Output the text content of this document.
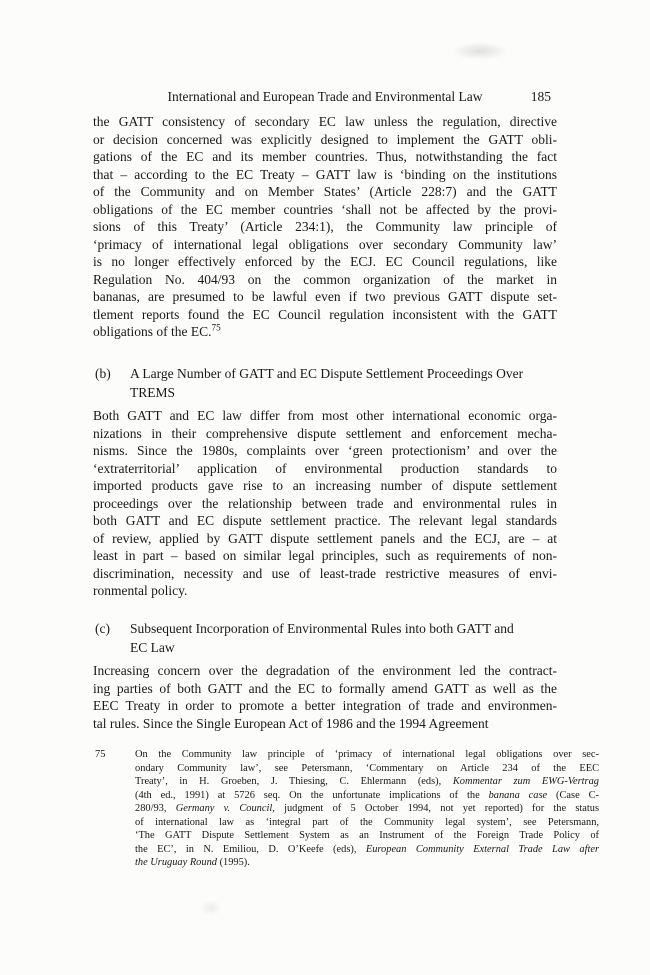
International and European Trade and Environmental Law	185
the GATT consistency of secondary EC law unless the regulation, directive
or decision concerned was explicitly designed to implement the GATT obli-
gations of the EC and its member countries. Thus, notwithstanding the fact
that – according to the EC Treaty – GATT law is ‘binding on the institutions
of the Community and on Member States’ (Article 228:7) and the GATT
obligations of the EC member countries ‘shall not be affected by the provi-
sions of this Treaty’ (Article 234:1), the Community law principle of
‘primacy of international legal obligations over secondary Community law’
is no longer effectively enforced by the ECJ. EC Council regulations, like
Regulation No. 404/93 on the common organization of the market in
bananas, are presumed to be lawful even if two previous GATT dispute set-
tlement reports found the EC Council regulation inconsistent with the GATT
obligations of the EC.$^{75}$
(b) A Large Number of GATT and EC Dispute Settlement Proceedings Over
TREMS
Both GATT and EC law differ from most other international economic orga-
nizations in their comprehensive dispute settlement and enforcement mecha-
nisms. Since the 1980s, complaints over ‘green protectionism’ and over the
‘extraterritorial’ application of environmental production standards to
imported products gave rise to an increasing number of dispute settlement
proceedings over the relationship between trade and environmental rules in
both GATT and EC dispute settlement practice. The relevant legal standards
of review, applied by GATT dispute settlement panels and the ECJ, are – at
least in part – based on similar legal principles, such as requirements of non-
discrimination, necessity and use of least-trade restrictive measures of envi-
ronmental policy.
(c) Subsequent Incorporation of Environmental Rules into both GATT and
EC Law
Increasing concern over the degradation of the environment led the contract-
ing parties of both GATT and the EC to formally amend GATT as well as the
EEC Treaty in order to promote a better integration of trade and environmen-
tal rules. Since the Single European Act of 1986 and the 1994 Agreement
75	On the Community law principle of ‘primacy of international legal obligations over sec-
ondary Community law’, see Petersmann, ‘Commentary on Article 234 of the EEC
Treaty’, in H. Groeben, J. Thiesing, C. Ehlermann (eds), Kommentar zum EWG-Vertrag
(4th ed., 1991) at 5726 seq. On the unfortunate implications of the banana case (Case C-
280/93, Germany v. Council, judgment of 5 October 1994, not yet reported) for the status
of international law as ‘integral part of the Community legal system’, see Petersmann,
‘The GATT Dispute Settlement System as an Instrument of the Foreign Trade Policy of
the EC’, in N. Emiliou, D. O’Keefe (eds), European Community External Trade Law after
the Uruguay Round (1995).
